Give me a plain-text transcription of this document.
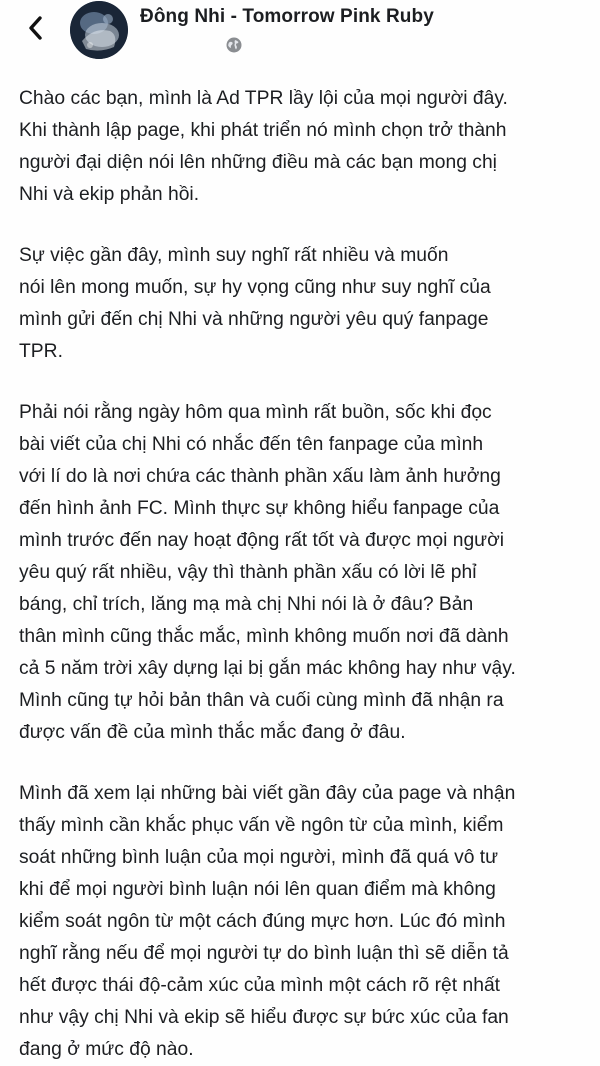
Đông Nhi - Tomorrow Pink Ruby

Chào các bạn, mình là Ad TPR lầy lội của mọi người đây.
Khi thành lập page, khi phát triển nó mình chọn trở thành
người đại diện nói lên những điều mà các bạn mong chị
Nhi và ekip phản hồi.

Sự việc gần đây, mình suy nghĩ rất nhiều và muốn
nói lên mong muốn, sự hy vọng cũng như suy nghĩ của
mình gửi đến chị Nhi và những người yêu quý fanpage
TPR.

Phải nói rằng ngày hôm qua mình rất buồn, sốc khi đọc
bài viết của chị Nhi có nhắc đến tên fanpage của mình
với lí do là nơi chứa các thành phần xấu làm ảnh hưởng
đến hình ảnh FC. Mình thực sự không hiểu fanpage của
mình trước đến nay hoạt động rất tốt và được mọi người
yêu quý rất nhiều, vậy thì thành phần xấu có lời lẽ phỉ
báng, chỉ trích, lăng mạ mà chị Nhi nói là ở đâu? Bản
thân mình cũng thắc mắc, mình không muốn nơi đã dành
cả 5 năm trời xây dựng lại bị gắn mác không hay như vậy.
Mình cũng tự hỏi bản thân và cuối cùng mình đã nhận ra
được vấn đề của mình thắc mắc đang ở đâu.

Mình đã xem lại những bài viết gần đây của page và nhận
thấy mình cần khắc phục vấn về ngôn từ của mình, kiểm
soát những bình luận của mọi người, mình đã quá vô tư
khi để mọi người bình luận nói lên quan điểm mà không
kiểm soát ngôn từ một cách đúng mực hơn. Lúc đó mình
nghĩ rằng nếu để mọi người tự do bình luận thì sẽ diễn tả
hết được thái độ-cảm xúc của mình một cách rõ rệt nhất
như vậy chị Nhi và ekip sẽ hiểu được sự bức xúc của fan
đang ở mức độ nào.
